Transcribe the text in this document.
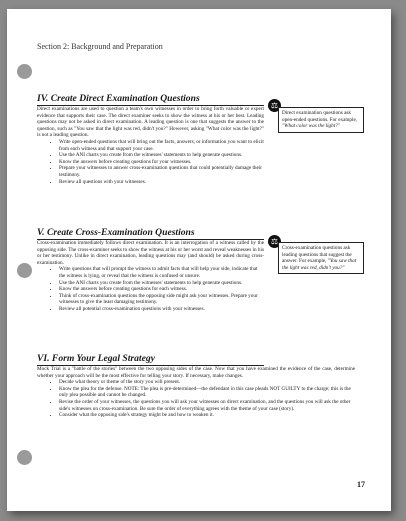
Section 2: Background and Preparation
IV. Create Direct Examination Questions

Direct examinations are used to question a team's own witnesses in order to bring forth valuable or expert evidence that supports their case. The direct examiner seeks to show the witness at his or her best. Leading questions may not be asked in direct examination. A leading question is one that suggests the answer to the question, such as "You saw that the light was red, didn't you?" However, asking "What color was the light?" is not a leading question.

• Write open-ended questions that will bring out the facts, answers, or information you want to elicit from each witness and that support your case.
• Use the ANI charts you create from the witnesses' statements to help generate questions.
• Know the answers before creating questions for your witnesses.
• Prepare your witnesses to answer cross-examination questions that could potentially damage their testimony.
• Review all questions with your witnesses.
⚖
Direct examination questions ask open-ended questions. For example, "What color was the light?"
V. Create Cross-Examination Questions

Cross-examination immediately follows direct examination. It is an interrogation of a witness called by the opposing side. The cross-examiner seeks to show the witness at his or her worst and reveal weaknesses in his or her testimony. Unlike in direct examination, leading questions may (and should) be asked during cross-examination.

• Write questions that will prompt the witness to admit facts that will help your side, indicate that the witness is lying, or reveal that the witness is confused or unsure.
• Use the ANI charts you create from the witnesses' statements to help generate questions.
• Know the answers before creating questions for each witness.
• Think of cross-examination questions the opposing side might ask your witnesses. Prepare your witnesses to give the least damaging testimony.
• Review all potential cross-examination questions with your witnesses.
⚖
Cross-examination questions ask leading questions that suggest the answer. For example, "You saw that the light was red, didn't you?"
VI. Form Your Legal Strategy

Mock Trial is a "battle of the stories" between the two opposing sides of the case. Now that you have examined the evidence of the case, determine whether your approach will be the most effective for telling your story. If necessary, make changes.

• Decide what theory or theme of the story you will present.
• Know the plea for the defense. NOTE: The plea is pre-determined—the defendant in this case pleads NOT GUILTY to the charge; this is the only plea possible and cannot be changed.
• Revise the order of your witnesses, the questions you will ask your witnesses on direct examination, and the questions you will ask the other side's witnesses on cross-examination. Be sure the order of everything agrees with the theme of your case (story).
• Consider what the opposing side's strategy might be and how to weaken it.
17
